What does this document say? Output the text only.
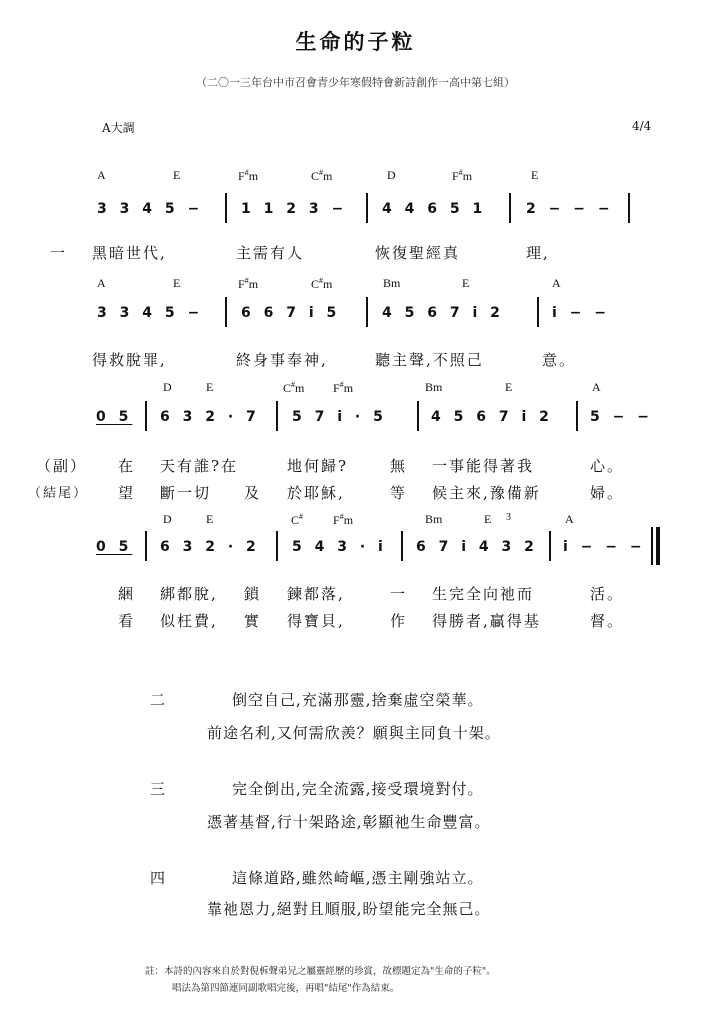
生命的子粒
（二〇一三年台中市召會青少年寒假特會新詩創作一高中第七組）
A大調	4/4
A	E	F#m	C#m	D	F#m	E
3 3 4 5 −	1 1 2 3 − 4 4 6 5 1	2 − − −
一 黑暗世代,	主需有人	恢復聖經真	理,
A	E	F#m	C#m	Bm	E	A
3 3 4 5 −	6 6 7 i 5	4 5 6 7 i 2	i − −
得救脫罪,	終身事奉神,	聽主聲,不照己	意。
D	E	C#m F#m	Bm	E	A
0 5 6 3 2 · 7 5 7 i · 5	4 5 6 7 i 2	5 − −
（副） 在 天有誰?在	地何歸?	無 一事能得著我	心。
（結尾） 望 斷一切 及 於耶穌,	等 候主來,豫備新	婦。
D	E	C# F#m	Bm	E 3	A
0 5 6 3 2 · 2 5 4 3 · i 6 7 i 4 3 2 i − − −
綑 綁都脫, 鎖 鍊都落,	一 生完全向祂而	活。
看 似枉費, 實 得寶貝,	作 得勝者,贏得基	督。
二	倒空自己,充滿那靈,捨棄虛空榮華。
前途名利,又何需欣羨？願與主同負十架。
三	完全倒出,完全流露,接受環境對付。
憑著基督,行十架路途,彰顯祂生命豐富。
四	這條道路,雖然崎嶇,憑主剛強站立。
靠祂恩力,絕對且順服,盼望能完全無己。
註：本詩的內容來自於對倪柝聲弟兄之屬靈經歷的珍賞，故標題定為"生命的子粒"。
唱法為第四節連同副歌唱完後，再唱"結尾"作為結束。
